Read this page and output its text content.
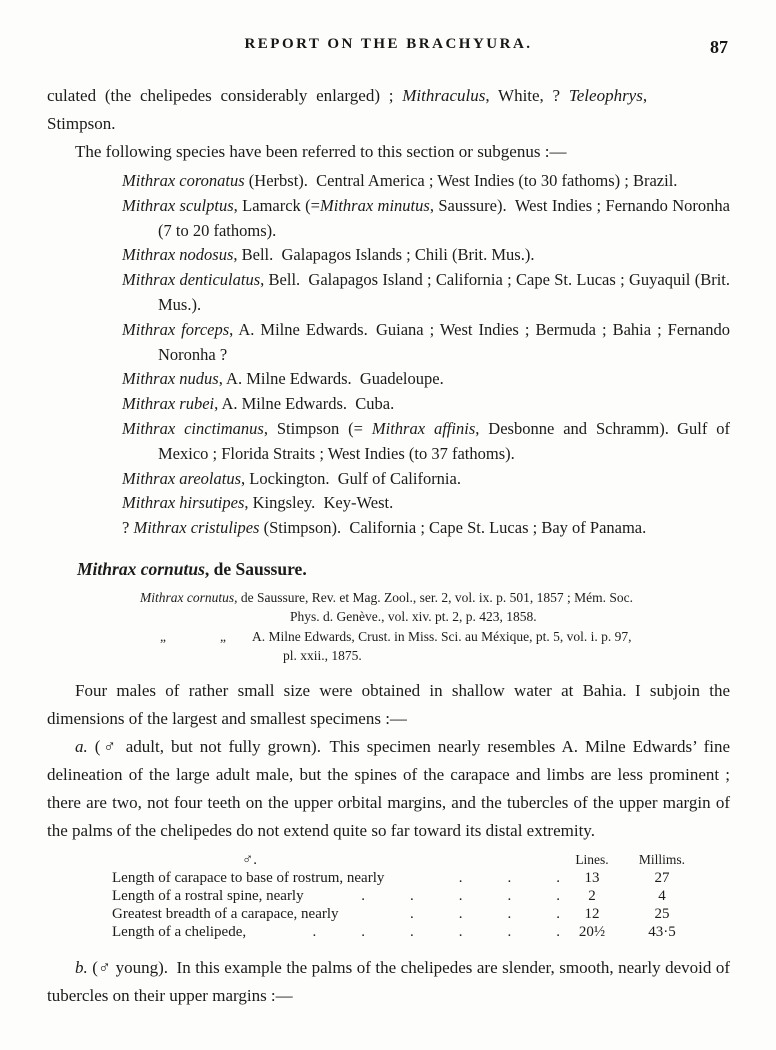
REPORT ON THE BRACHYURA.	87

culated (the chelipedes considerably enlarged) ; Mithraculus, White, ? Teleophrys,
Stimpson.

The following species have been referred to this section or subgenus :—

Mithrax coronatus (Herbst). Central America ; West Indies (to 30 fathoms) ; Brazil.
Mithrax sculptus, Lamarck (=Mithrax minutus, Saussure). West Indies ; Fernando Noronha (7 to 20 fathoms).
Mithrax nodosus, Bell. Galapagos Islands ; Chili (Brit. Mus.).
Mithrax denticulatus, Bell. Galapagos Island ; California ; Cape St. Lucas ; Guyaquil (Brit. Mus.).
Mithrax forceps, A. Milne Edwards. Guiana ; West Indies ; Bermuda ; Bahia ; Fernando Noronha ?
Mithrax nudus, A. Milne Edwards. Guadeloupe.
Mithrax rubei, A. Milne Edwards. Cuba.
Mithrax cinctimanus, Stimpson (= Mithrax affinis, Desbonne and Schramm). Gulf of Mexico ; Florida Straits ; West Indies (to 37 fathoms).
Mithrax areolatus, Lockington. Gulf of California.
Mithrax hirsutipes, Kingsley. Key-West.
? Mithrax cristulipes (Stimpson). California ; Cape St. Lucas ; Bay of Panama.
Mithrax cornutus, de Saussure.
Mithrax cornutus, de Saussure, Rev. et Mag. Zool., ser. 2, vol. ix. p. 501, 1857 ; Mém. Soc.
Phys. d. Genève., vol. xiv. pt. 2, p. 423, 1858.
„	„ A. Milne Edwards, Crust. in Miss. Sci. au Méxique, pt. 5, vol. i. p. 97,
pl. xxii., 1875.

Four males of rather small size were obtained in shallow water at Bahia. I subjoin the dimensions of the largest and smallest specimens :—

a. (♂ adult, but not fully grown). This specimen nearly resembles A. Milne Edwards’ fine delineation of the large adult male, but the spines of the carapace and limbs are less prominent ; there are two, not four teeth on the upper orbital margins, and the tubercles of the upper margin of the palms of the chelipedes do not extend quite so far toward its distal extremity.

♂.	Lines.	Millims.
Length of carapace to base of rostrum, nearly	.   .   .	13	27
Length of a rostral spine, nearly	.   .   .   .   .	2	4
Greatest breadth of a carapace, nearly	.   .   .   .	12	25
Length of a chelipede,	.   .   .   .   .   .	20½	43·5

b. (♂ young). In this example the palms of the chelipedes are slender, smooth, nearly devoid of tubercles on their upper margins :—
